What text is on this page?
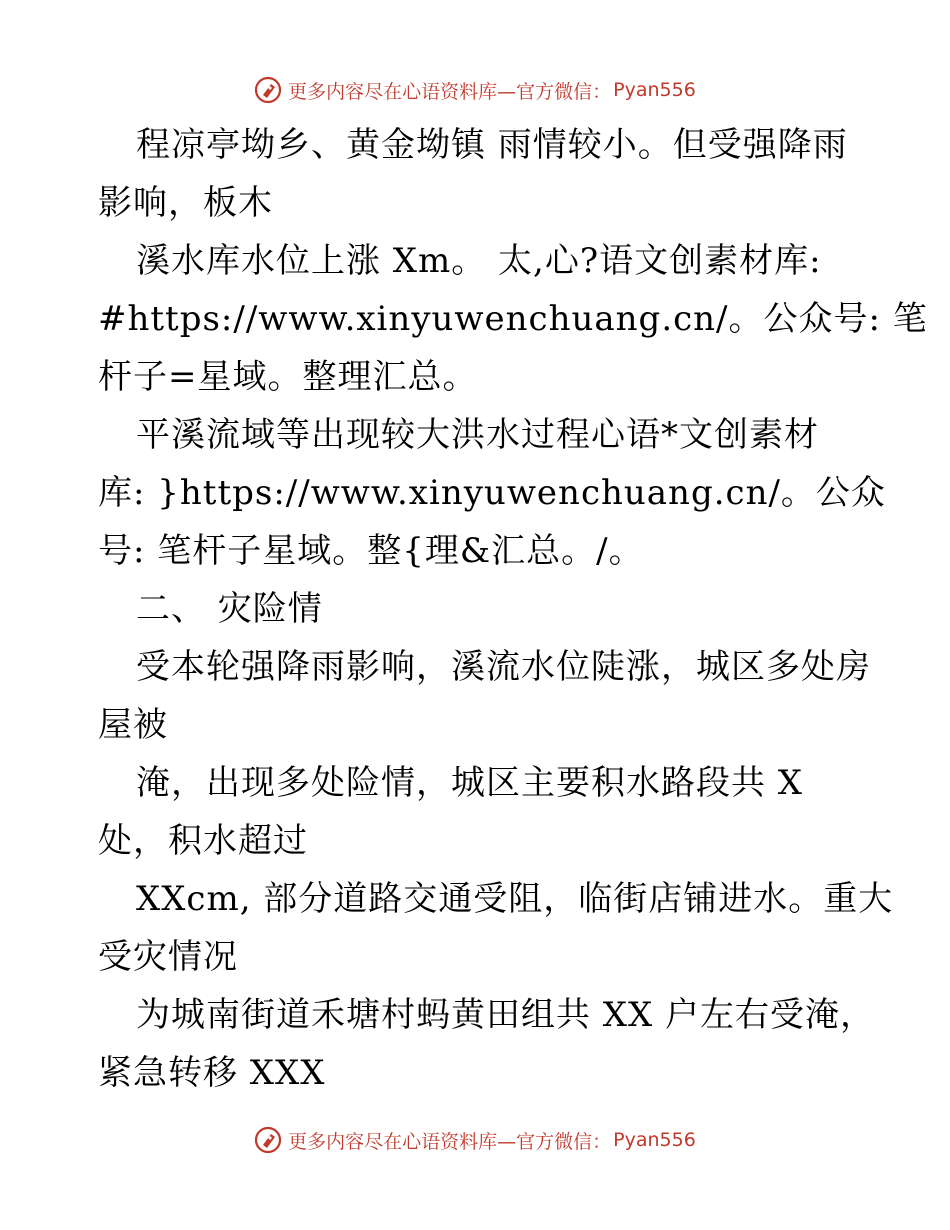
更多内容尽在心语资料库—官方微信： Pyan556
程凉亭坳乡、黄金坳镇 雨情较小。但受强降雨
影响，板木
溪水库水位上涨 Xm。 太,心?语文创素材库:
#https://www.xinyuwenchuang.cn/。公众号: 笔
杆子=星域。整理汇总。
平溪流域等出现较大洪水过程心语*文创素材
库: }https://www.xinyuwenchuang.cn/。公众
号: 笔杆子星域。整{理&汇总。/。
二、 灾险情
受本轮强降雨影响，溪流水位陡涨，城区多处房
屋被
淹，出现多处险情，城区主要积水路段共 X
处，积水超过
XXcm, 部分道路交通受阻，临街店铺进水。重大
受灾情况
为城南街道禾塘村蚂黄田组共 XX 户左右受淹，
紧急转移 XXX
更多内容尽在心语资料库—官方微信： Pyan556
